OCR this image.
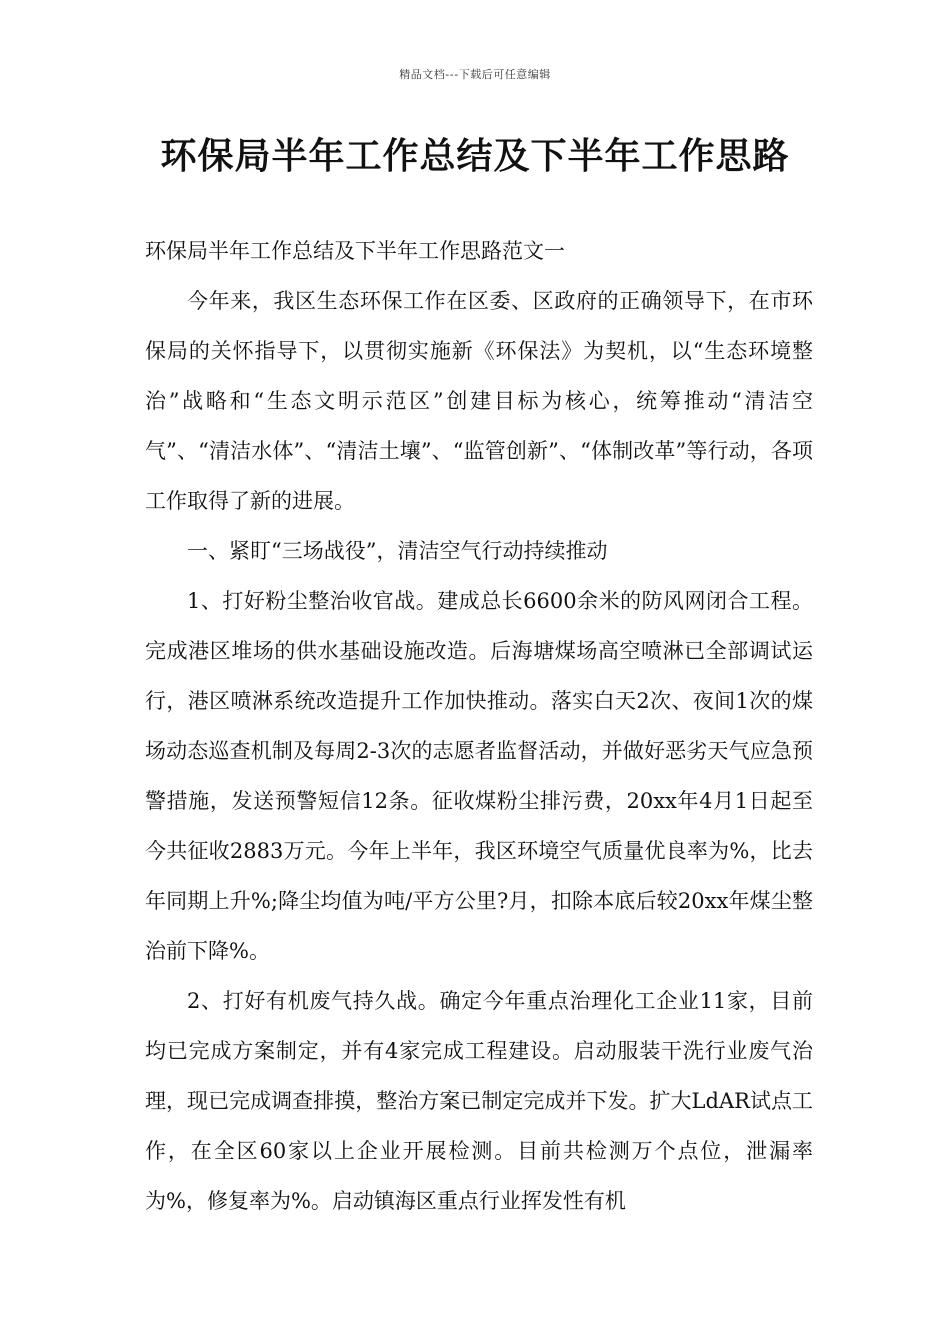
精品文档---下载后可任意编辑
环保局半年工作总结及下半年工作思路

环保局半年工作总结及下半年工作思路范文一

今年来，我区生态环保工作在区委、区政府的正确领导下，在市环保局的关怀指导下，以贯彻实施新《环保法》为契机，以“生态环境整治”战略和“生态文明示范区”创建目标为核心，统筹推动“清洁空气”、“清洁水体”、“清洁土壤”、“监管创新”、“体制改革”等行动，各项工作取得了新的进展。

一、紧盯“三场战役”，清洁空气行动持续推动

1、打好粉尘整治收官战。建成总长6600余米的防风网闭合工程。完成港区堆场的供水基础设施改造。后海塘煤场高空喷淋已全部调试运行，港区喷淋系统改造提升工作加快推动。落实白天2次、夜间1次的煤场动态巡查机制及每周2-3次的志愿者监督活动，并做好恶劣天气应急预警措施，发送预警短信12条。征收煤粉尘排污费，20xx年4月1日起至今共征收2883万元。今年上半年，我区环境空气质量优良率为%，比去年同期上升%;降尘均值为吨/平方公里?月，扣除本底后较20xx年煤尘整治前下降%。

2、打好有机废气持久战。确定今年重点治理化工企业11家，目前均已完成方案制定，并有4家完成工程建设。启动服装干洗行业废气治理，现已完成调查排摸，整治方案已制定完成并下发。扩大LdAR试点工作，在全区60家以上企业开展检测。目前共检测万个点位，泄漏率为%，修复率为%。启动镇海区重点行业挥发性有机
